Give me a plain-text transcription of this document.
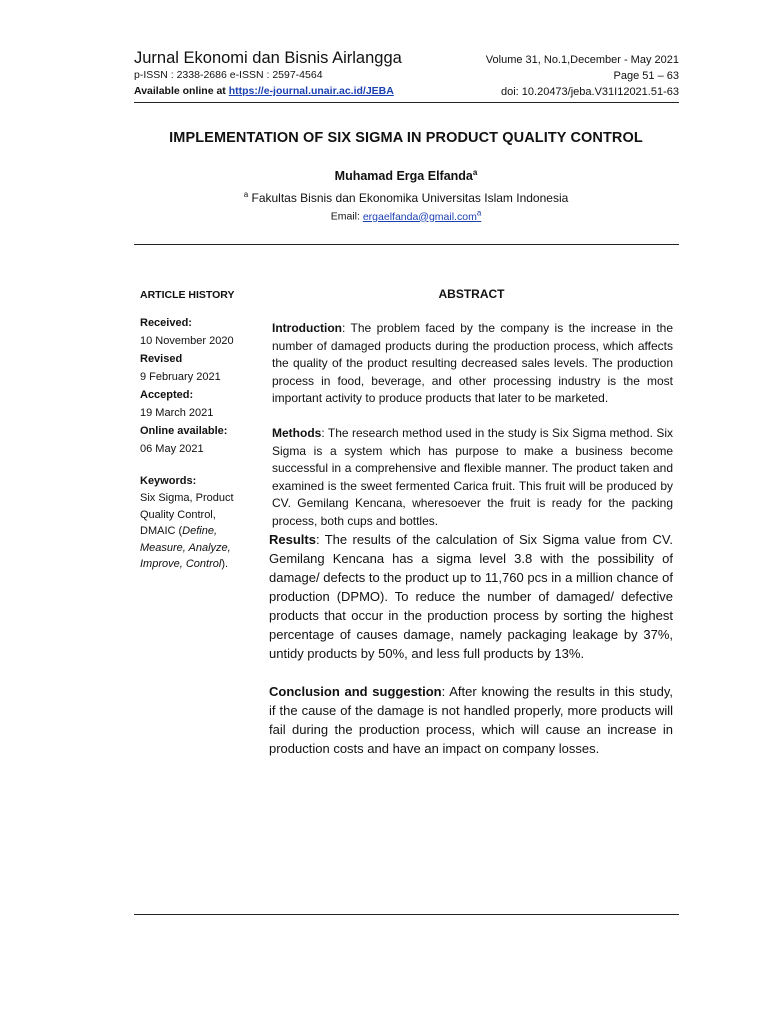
Jurnal Ekonomi dan Bisnis Airlangga
p-ISSN : 2338-2686 e-ISSN : 2597-4564
Available online at https://e-journal.unair.ac.id/JEBA
Volume 31, No.1,December - May 2021
Page 51 – 63
doi: 10.20473/jeba.V31I12021.51-63
IMPLEMENTATION OF SIX SIGMA IN PRODUCT QUALITY CONTROL
Muhamad Erga Elfanda$^a$
$^a$ Fakultas Bisnis dan Ekonomika Universitas Islam Indonesia
Email: ergaelfanda@gmail.com$^a$
ARTICLE HISTORY
Received:
10 November 2020
Revised
9 February 2021
Accepted:
19 March 2021
Online available:
06 May 2021
Keywords:
Six Sigma, Product Quality Control, DMAIC (Define, Measure, Analyze, Improve, Control).
ABSTRACT
Introduction: The problem faced by the company is the increase in the number of damaged products during the production process, which affects the quality of the product resulting decreased sales levels. The production process in food, beverage, and other processing industry is the most important activity to produce products that later to be marketed.
Methods: The research method used in the study is Six Sigma method. Six Sigma is a system which has purpose to make a business become successful in a comprehensive and flexible manner. The product taken and examined is the sweet fermented Carica fruit. This fruit will be produced by CV. Gemilang Kencana, wheresoever the fruit is ready for the packing process, both cups and bottles.
Results: The results of the calculation of Six Sigma value from CV. Gemilang Kencana has a sigma level 3.8 with the possibility of damage/ defects to the product up to 11,760 pcs in a million chance of production (DPMO). To reduce the number of damaged/ defective products that occur in the production process by sorting the highest percentage of causes damage, namely packaging leakage by 37%, untidy products by 50%, and less full products by 13%.
Conclusion and suggestion: After knowing the results in this study, if the cause of the damage is not handled properly, more products will fail during the production process, which will cause an increase in production costs and have an impact on company losses.
